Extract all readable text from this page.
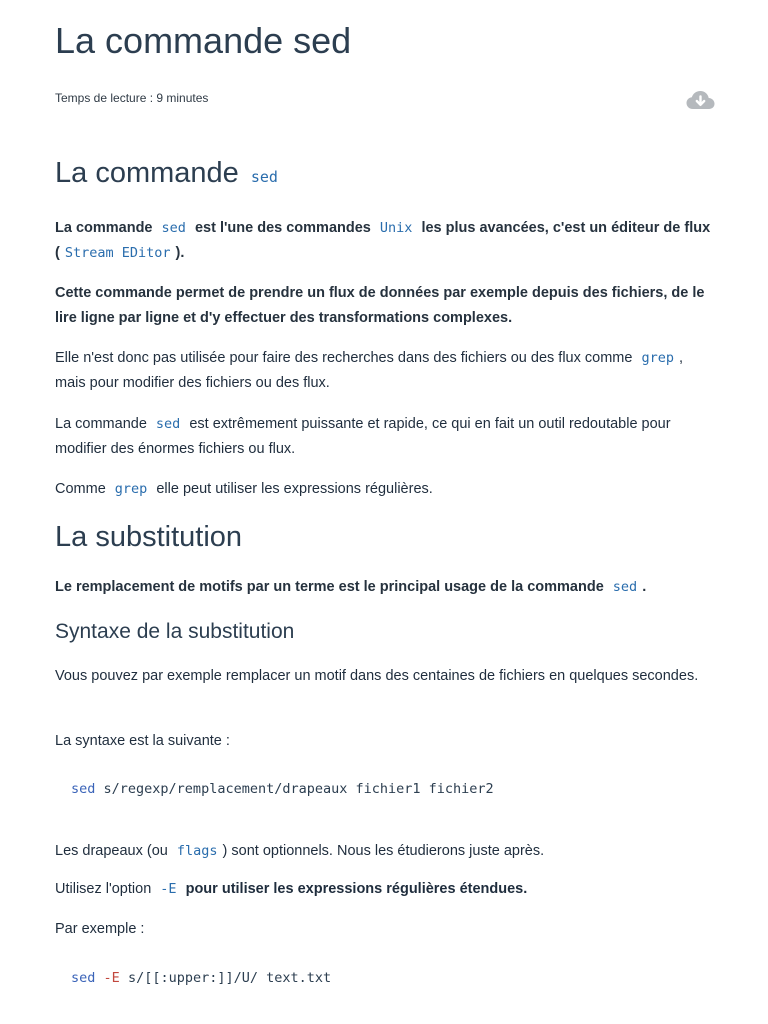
La commande sed
Temps de lecture : 9 minutes
La commande sed

La commande sed est l'une des commandes Unix les plus avancées, c'est un éditeur de flux ( Stream EDitor ).

Cette commande permet de prendre un flux de données par exemple depuis des fichiers, de le lire ligne par ligne et d'y effectuer des transformations complexes.

Elle n'est donc pas utilisée pour faire des recherches dans des fichiers ou des flux comme grep , mais pour modifier des fichiers ou des flux.

La commande sed est extrêmement puissante et rapide, ce qui en fait un outil redoutable pour modifier des énormes fichiers ou flux.

Comme grep elle peut utiliser les expressions régulières.

La substitution

Le remplacement de motifs par un terme est le principal usage de la commande sed .

Syntaxe de la substitution

Vous pouvez par exemple remplacer un motif dans des centaines de fichiers en quelques secondes.

La syntaxe est la suivante :

sed s/regexp/remplacement/drapeaux fichier1 fichier2

Les drapeaux (ou flags ) sont optionnels. Nous les étudierons juste après.

Utilisez l'option -E pour utiliser les expressions régulières étendues.

Par exemple :

sed -E s/[[:upper:]]/U/ text.txt
